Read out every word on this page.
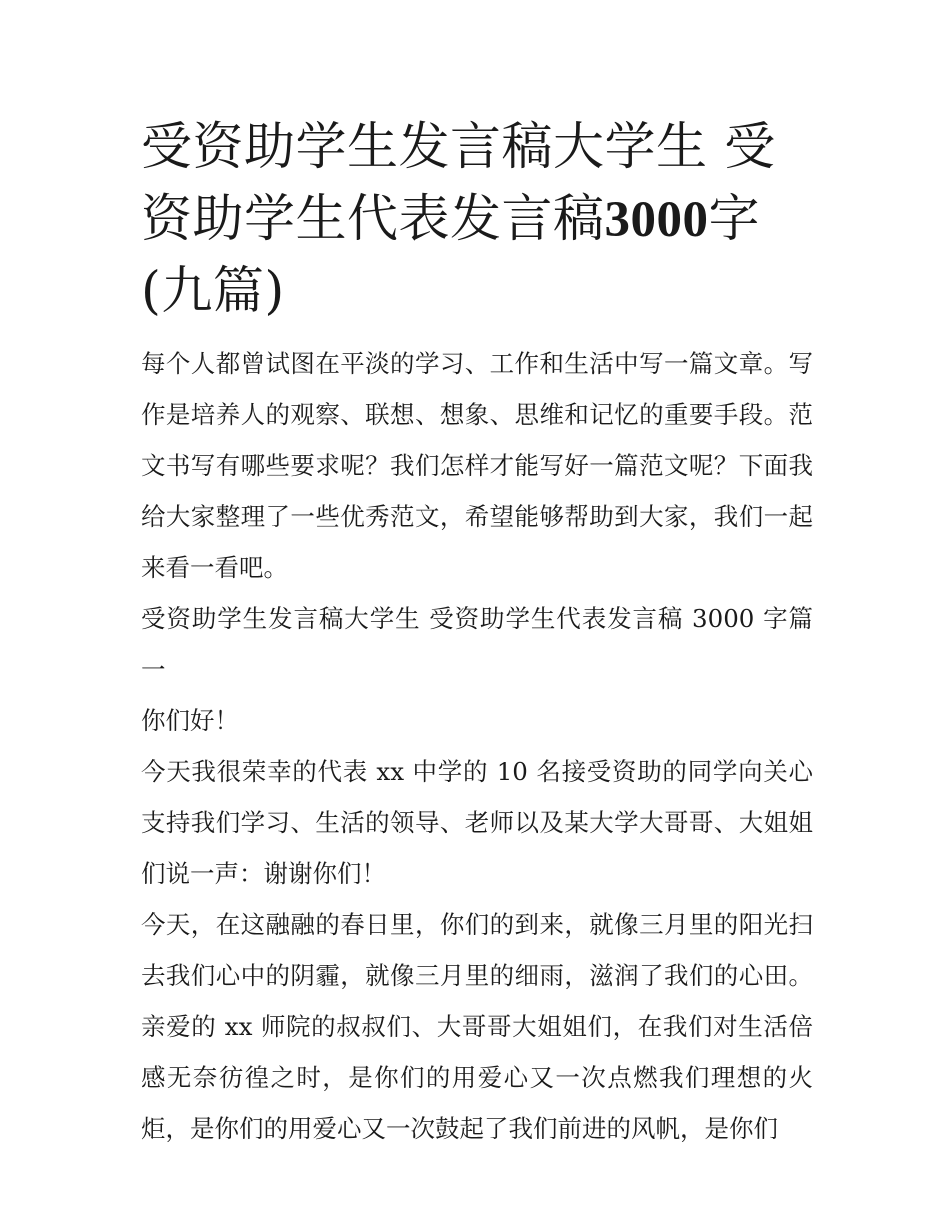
受资助学生发言稿大学生 受资助学生代表发言稿3000字(九篇)

每个人都曾试图在平淡的学习、工作和生活中写一篇文章。写作是培养人的观察、联想、想象、思维和记忆的重要手段。范文书写有哪些要求呢？我们怎样才能写好一篇范文呢？下面我给大家整理了一些优秀范文，希望能够帮助到大家，我们一起来看一看吧。

受资助学生发言稿大学生 受资助学生代表发言稿 3000 字篇一

你们好！

今天我很荣幸的代表 xx 中学的 10 名接受资助的同学向关心支持我们学习、生活的领导、老师以及某大学大哥哥、大姐姐们说一声：谢谢你们！

今天，在这融融的春日里，你们的到来，就像三月里的阳光扫去我们心中的阴霾，就像三月里的细雨，滋润了我们的心田。亲爱的 xx 师院的叔叔们、大哥哥大姐姐们，在我们对生活倍感无奈彷徨之时，是你们的用爱心又一次点燃我们理想的火炬，是你们的用爱心又一次鼓起了我们前进的风帆，是你们
